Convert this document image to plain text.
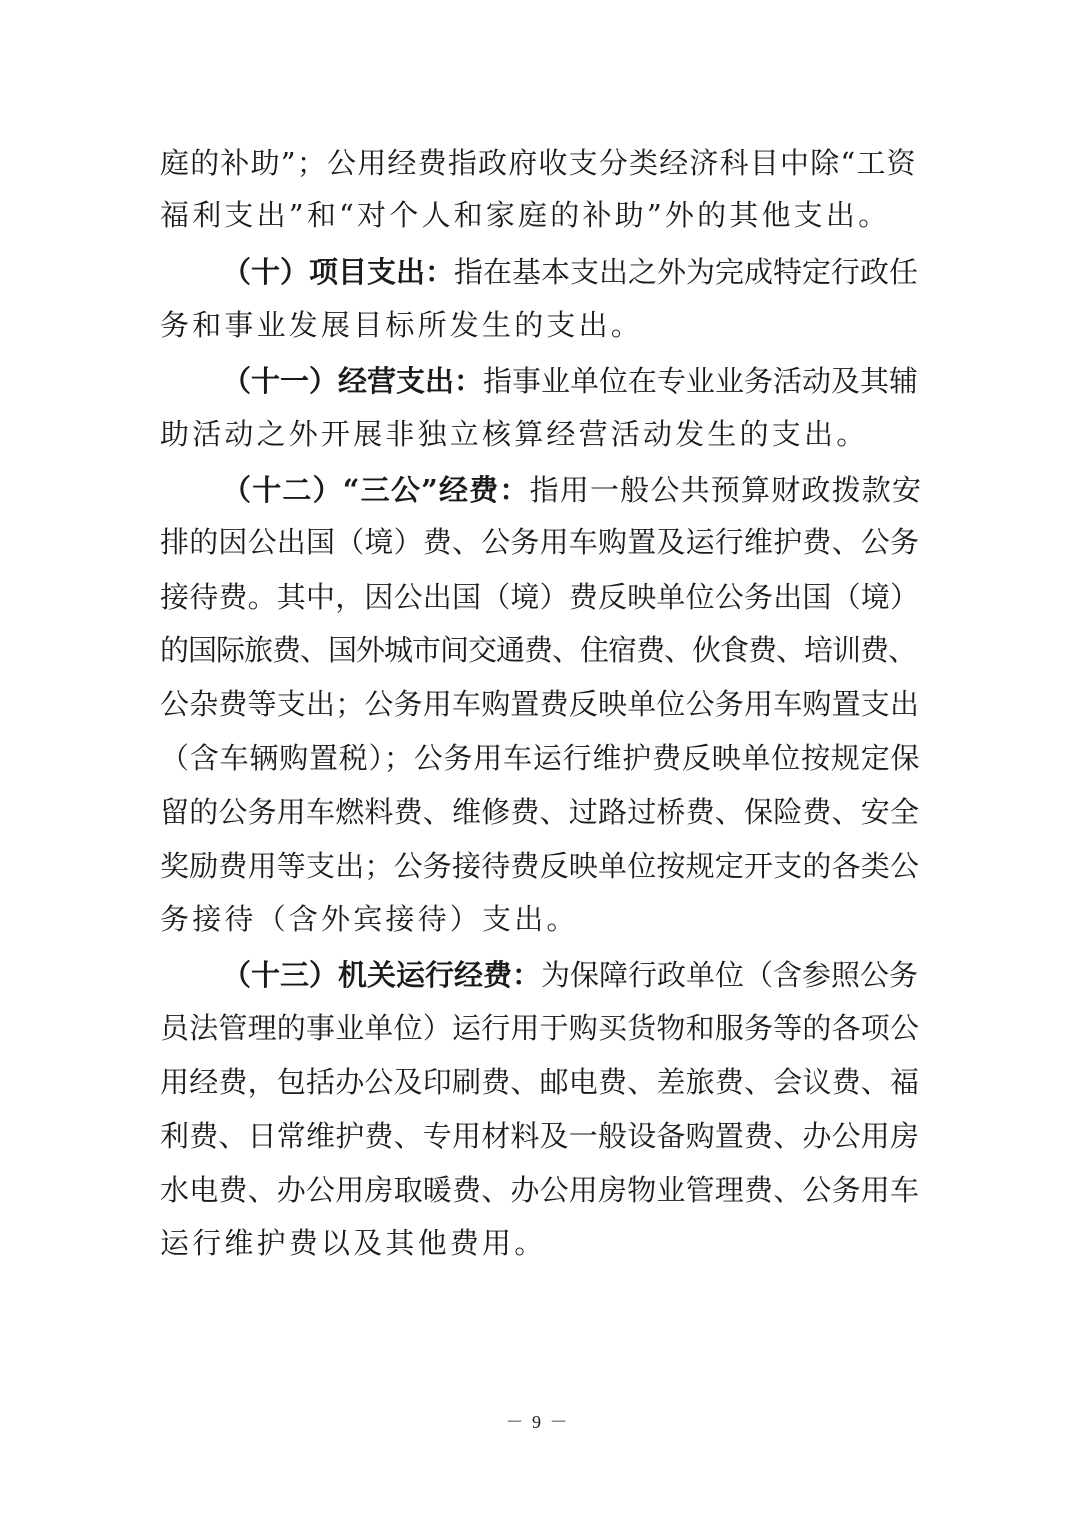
庭的补助”；公用经费指政府收支分类经济科目中除“工资
福利支出”和“对个人和家庭的补助”外的其他支出。
（十）项目支出：指在基本支出之外为完成特定行政任
务和事业发展目标所发生的支出。
（十一）经营支出：指事业单位在专业业务活动及其辅
助活动之外开展非独立核算经营活动发生的支出。
（十二）“三公”经费：指用一般公共预算财政拨款安
排的因公出国（境）费、公务用车购置及运行维护费、公务
接待费。其中，因公出国（境）费反映单位公务出国（境）
的国际旅费、国外城市间交通费、住宿费、伙食费、培训费、
公杂费等支出；公务用车购置费反映单位公务用车购置支出
（含车辆购置税）；公务用车运行维护费反映单位按规定保
留的公务用车燃料费、维修费、过路过桥费、保险费、安全
奖励费用等支出；公务接待费反映单位按规定开支的各类公
务接待（含外宾接待）支出。
（十三）机关运行经费：为保障行政单位（含参照公务
员法管理的事业单位）运行用于购买货物和服务等的各项公
用经费，包括办公及印刷费、邮电费、差旅费、会议费、福
利费、日常维护费、专用材料及一般设备购置费、办公用房
水电费、办公用房取暖费、办公用房物业管理费、公务用车
运行维护费以及其他费用。
－ 9 －
